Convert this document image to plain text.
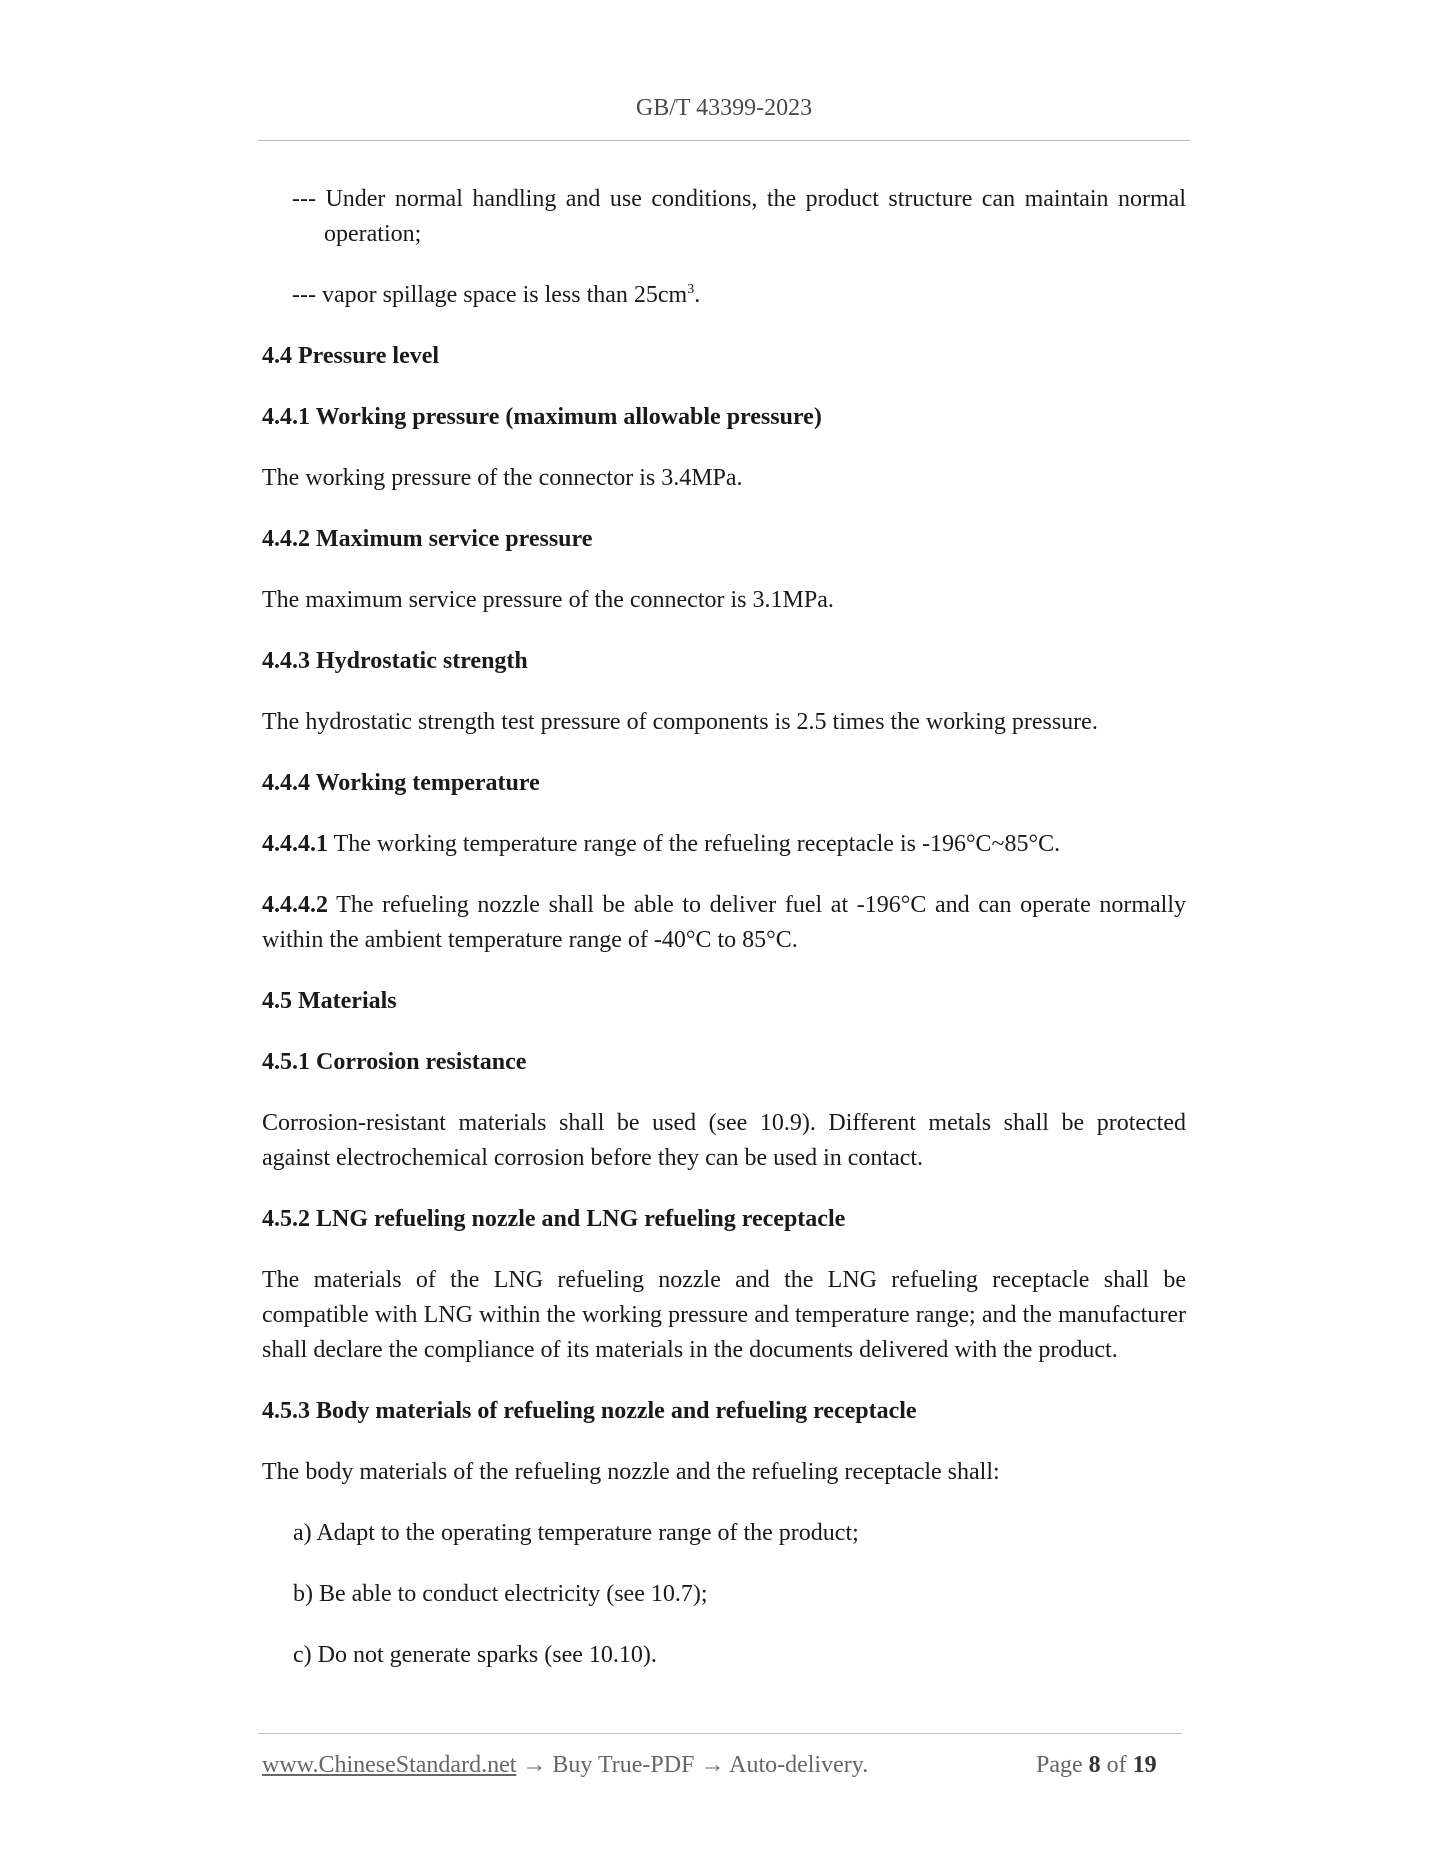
GB/T 43399-2023

--- Under normal handling and use conditions, the product structure can maintain normal operation;

--- vapor spillage space is less than $25cm^3$.

4.4 Pressure level

4.4.1 Working pressure (maximum allowable pressure)

The working pressure of the connector is 3.4MPa.

4.4.2 Maximum service pressure

The maximum service pressure of the connector is 3.1MPa.

4.4.3 Hydrostatic strength

The hydrostatic strength test pressure of components is 2.5 times the working pressure.

4.4.4 Working temperature

4.4.4.1 The working temperature range of the refueling receptacle is -196°C~85°C.

4.4.4.2 The refueling nozzle shall be able to deliver fuel at -196°C and can operate normally within the ambient temperature range of -40°C to 85°C.

4.5 Materials

4.5.1 Corrosion resistance

Corrosion-resistant materials shall be used (see 10.9). Different metals shall be protected against electrochemical corrosion before they can be used in contact.

4.5.2 LNG refueling nozzle and LNG refueling receptacle

The materials of the LNG refueling nozzle and the LNG refueling receptacle shall be compatible with LNG within the working pressure and temperature range; and the manufacturer shall declare the compliance of its materials in the documents delivered with the product.

4.5.3 Body materials of refueling nozzle and refueling receptacle

The body materials of the refueling nozzle and the refueling receptacle shall:

a) Adapt to the operating temperature range of the product;

b) Be able to conduct electricity (see 10.7);

c) Do not generate sparks (see 10.10).

www.ChineseStandard.net → Buy True-PDF → Auto-delivery.	Page 8 of 19
